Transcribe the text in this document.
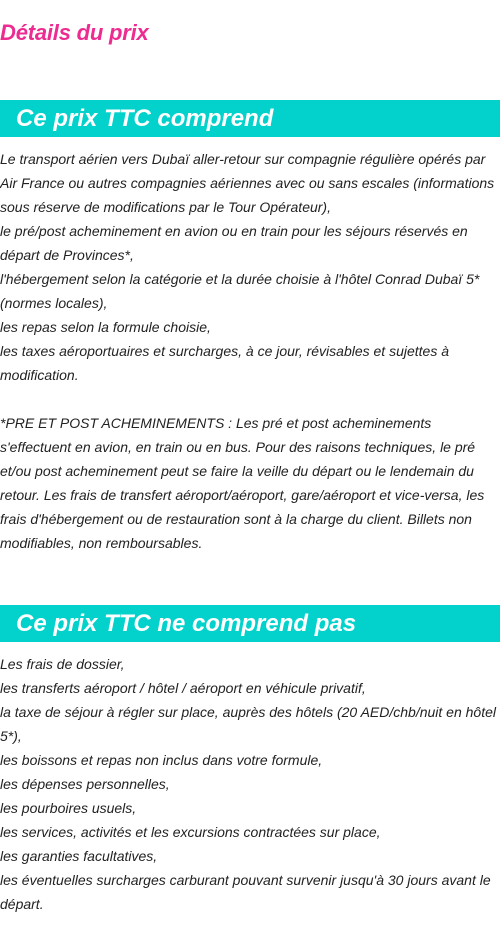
Détails du prix
Ce prix TTC comprend
Le transport aérien vers Dubaï aller-retour sur compagnie régulière opérés par Air France ou autres compagnies aériennes avec ou sans escales (informations sous réserve de modifications par le Tour Opérateur),
le pré/post acheminement en avion ou en train pour les séjours réservés en départ de Provinces*,
l'hébergement selon la catégorie et la durée choisie à l'hôtel Conrad Dubaï 5* (normes locales),
les repas selon la formule choisie,
les taxes aéroportuaires et surcharges, à ce jour, révisables et sujettes à modification.
*PRE ET POST ACHEMINEMENTS : Les pré et post acheminements s'effectuent en avion, en train ou en bus. Pour des raisons techniques, le pré et/ou post acheminement peut se faire la veille du départ ou le lendemain du retour. Les frais de transfert aéroport/aéroport, gare/aéroport et vice-versa, les frais d'hébergement ou de restauration sont à la charge du client. Billets non modifiables, non remboursables.
Ce prix TTC ne comprend pas
Les frais de dossier,
les transferts aéroport / hôtel / aéroport en véhicule privatif,
la taxe de séjour à régler sur place, auprès des hôtels (20 AED/chb/nuit en hôtel 5*),
les boissons et repas non inclus dans votre formule,
les dépenses personnelles,
les pourboires usuels,
les services, activités et les excursions contractées sur place,
les garanties facultatives,
les éventuelles surcharges carburant pouvant survenir jusqu'à 30 jours avant le départ.
